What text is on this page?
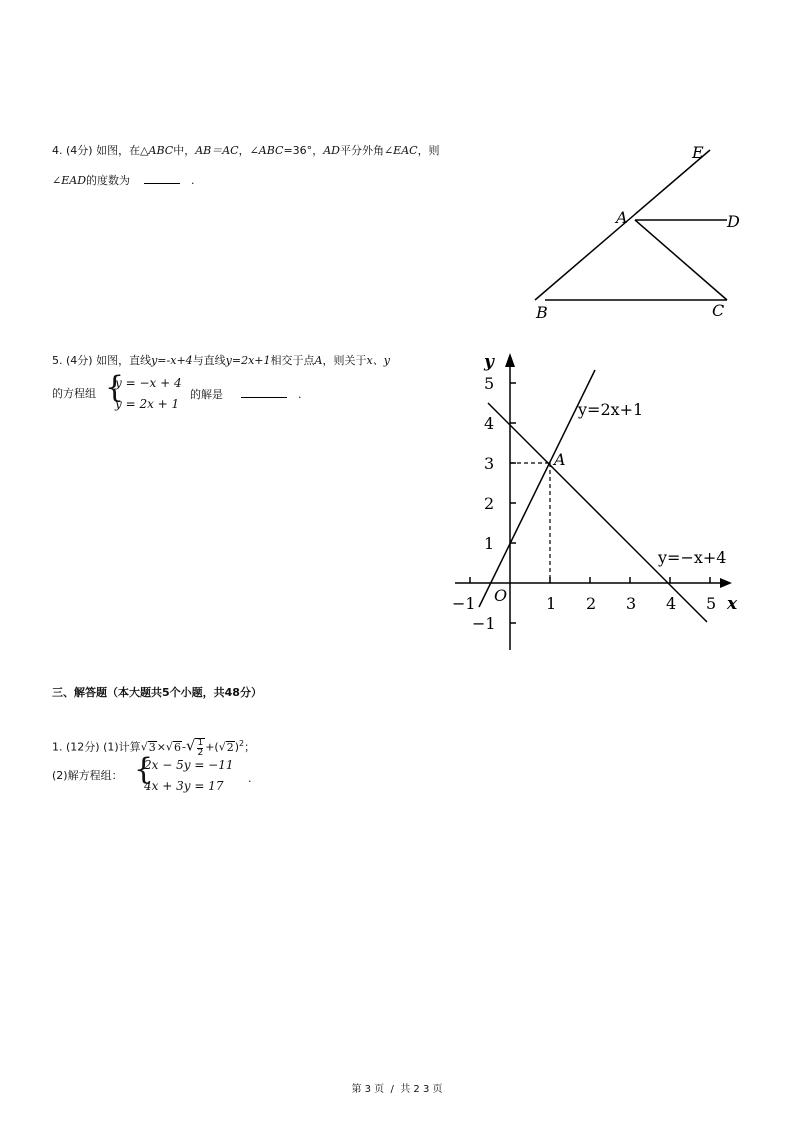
4. (4分) 如图，在△ABC中，AB＝AC，∠ABC=36°，AD平分外角∠EAC，则
∠EAD的度数为	.
E
A	D
B	C
5. (4分) 如图，直线y=-x+4与直线y=2x+1相交于点A，则关于x、y
的方程组 {
y = −x + 4
y = 2x + 1
的解是	.
y
x
O
A
y=2x+1
y=−x+4
5
4
3
2
1
−1
−1	1 2 3 4 5
三、解答题（本大题共5个小题，共48分）
1. (12分) (1)计算$√3\times√6-√ \frac{1}{2} +(√2)^2$；
(2)解方程组： {
2x − 5y = −11
4x + 3y = 17
.
第 3 页  /  共 2 3 页
